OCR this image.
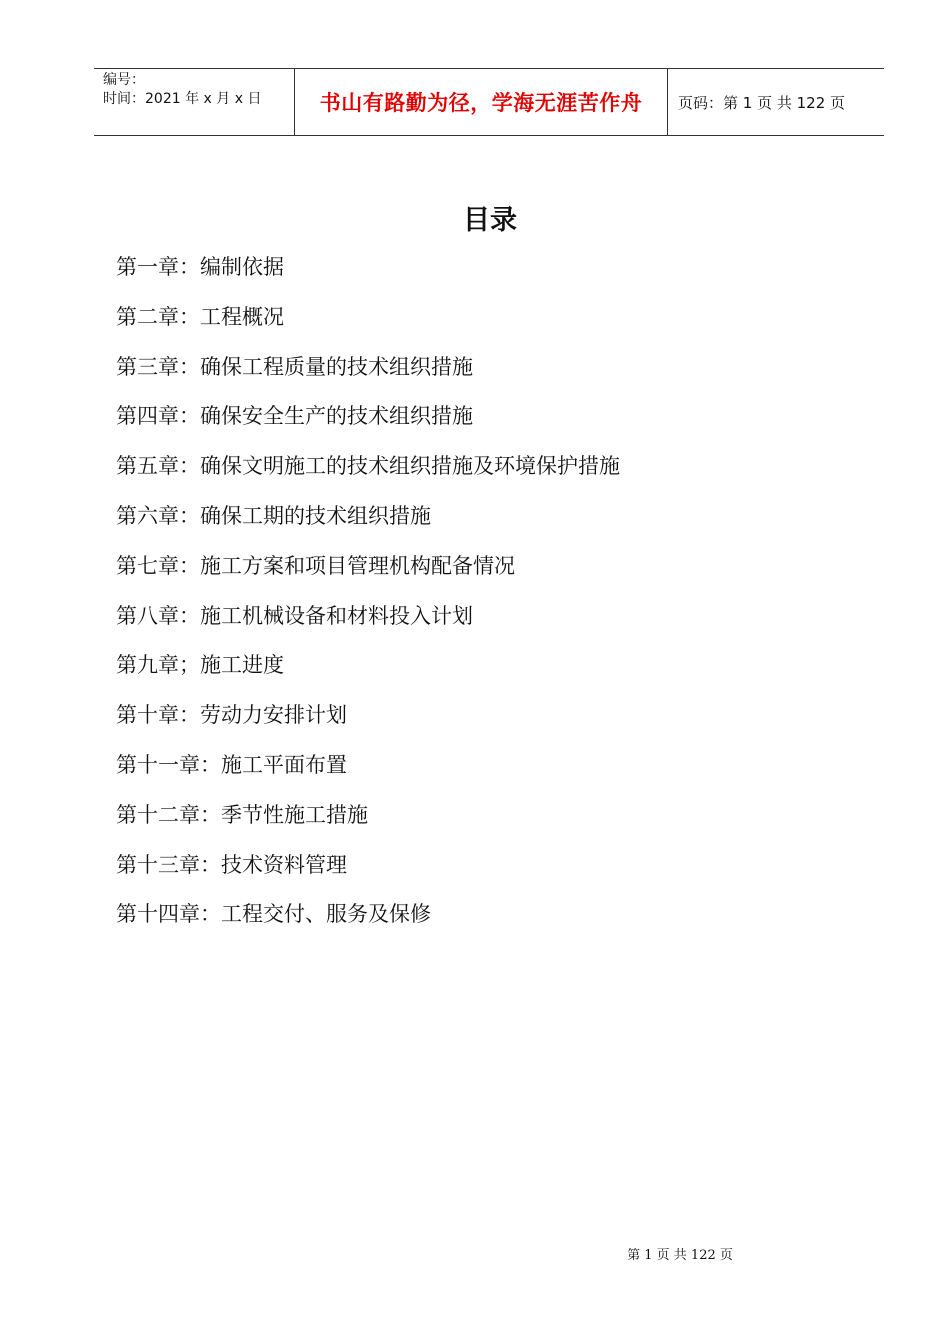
编号：
时间：2021 年 x 月 x 日	书山有路勤为径，学海无涯苦作舟 页码：第 1 页 共 122 页
目录
第一章：编制依据
第二章：工程概况
第三章：确保工程质量的技术组织措施
第四章：确保安全生产的技术组织措施
第五章：确保文明施工的技术组织措施及环境保护措施
第六章：确保工期的技术组织措施
第七章：施工方案和项目管理机构配备情况
第八章：施工机械设备和材料投入计划
第九章；施工进度
第十章：劳动力安排计划
第十一章：施工平面布置
第十二章：季节性施工措施
第十三章：技术资料管理
第十四章：工程交付、服务及保修
第 1 页 共 122 页
